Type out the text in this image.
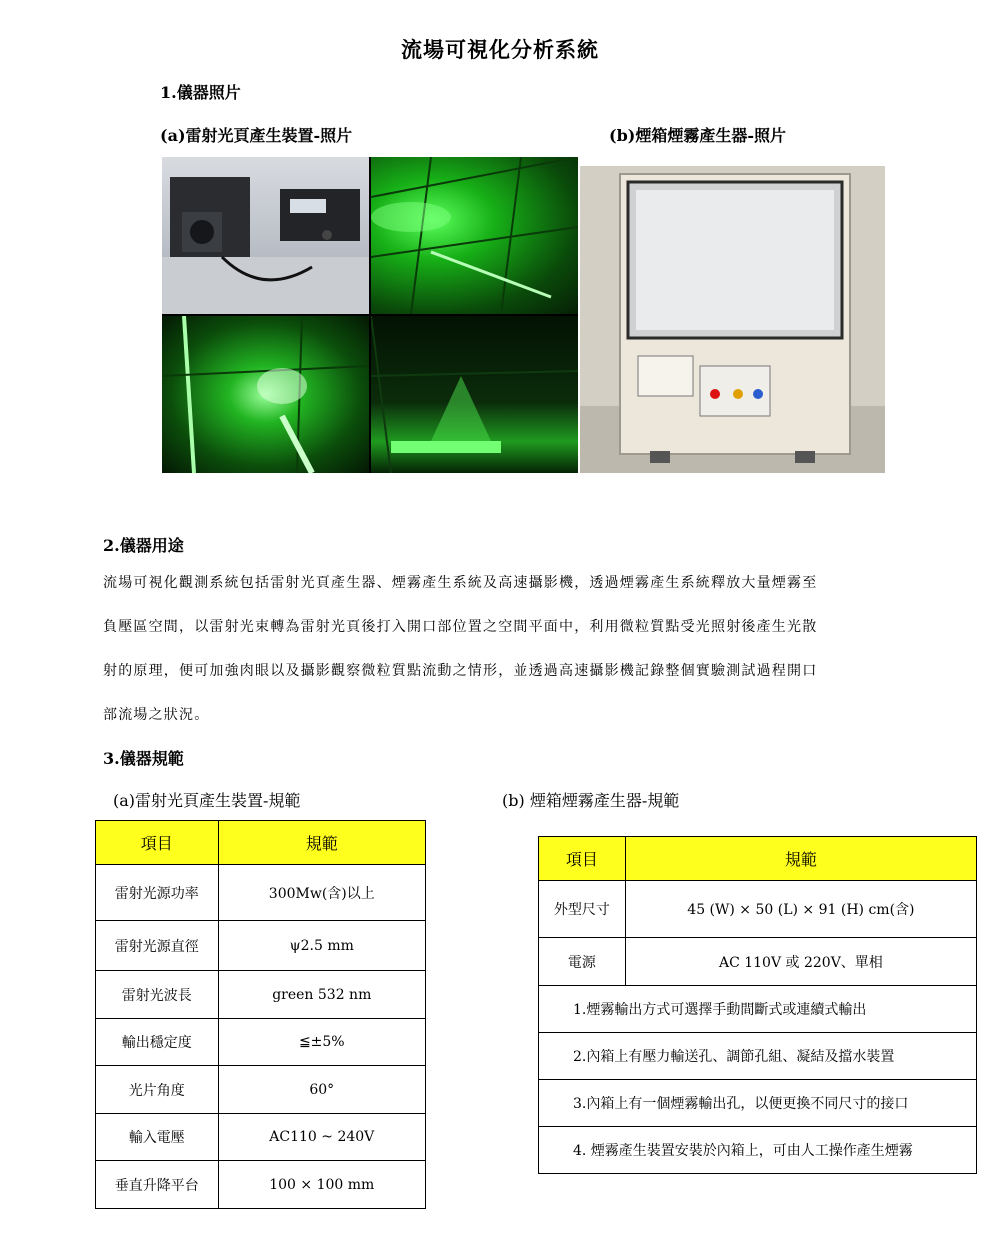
流場可視化分析系統
1.儀器照片
(a)雷射光頁產生裝置-照片	(b)煙箱煙霧產生器-照片
2.儀器用途
流場可視化觀測系統包括雷射光頁產生器、煙霧產生系統及高速攝影機，透過煙霧產生系統釋放大量煙霧至
負壓區空間，以雷射光束轉為雷射光頁後打入開口部位置之空間平面中，利用微粒質點受光照射後產生光散
射的原理，便可加強肉眼以及攝影觀察微粒質點流動之情形，並透過高速攝影機記錄整個實驗測試過程開口
部流場之狀況。
3.儀器規範
(a)雷射光頁產生裝置-規範	(b) 煙箱煙霧產生器-規範
項目	規範
雷射光源功率	300Mw(含)以上
雷射光源直徑	ψ2.5 mm
雷射光波長	green 532 nm
輸出穩定度	≦±5%
光片角度	60°
輸入電壓	AC110 ~ 240V
垂直升降平台	100 × 100 mm
項目	規範
外型尺寸	45 (W) × 50 (L) × 91 (H) cm(含)
電源	AC 110V 或 220V、單相
1.煙霧輸出方式可選擇手動間斷式或連續式輸出	
2.內箱上有壓力輸送孔、調節孔組、凝結及擋水裝置	
3.內箱上有一個煙霧輸出孔，以便更換不同尺寸的接口	
4. 煙霧產生裝置安裝於內箱上，可由人工操作產生煙霧	
